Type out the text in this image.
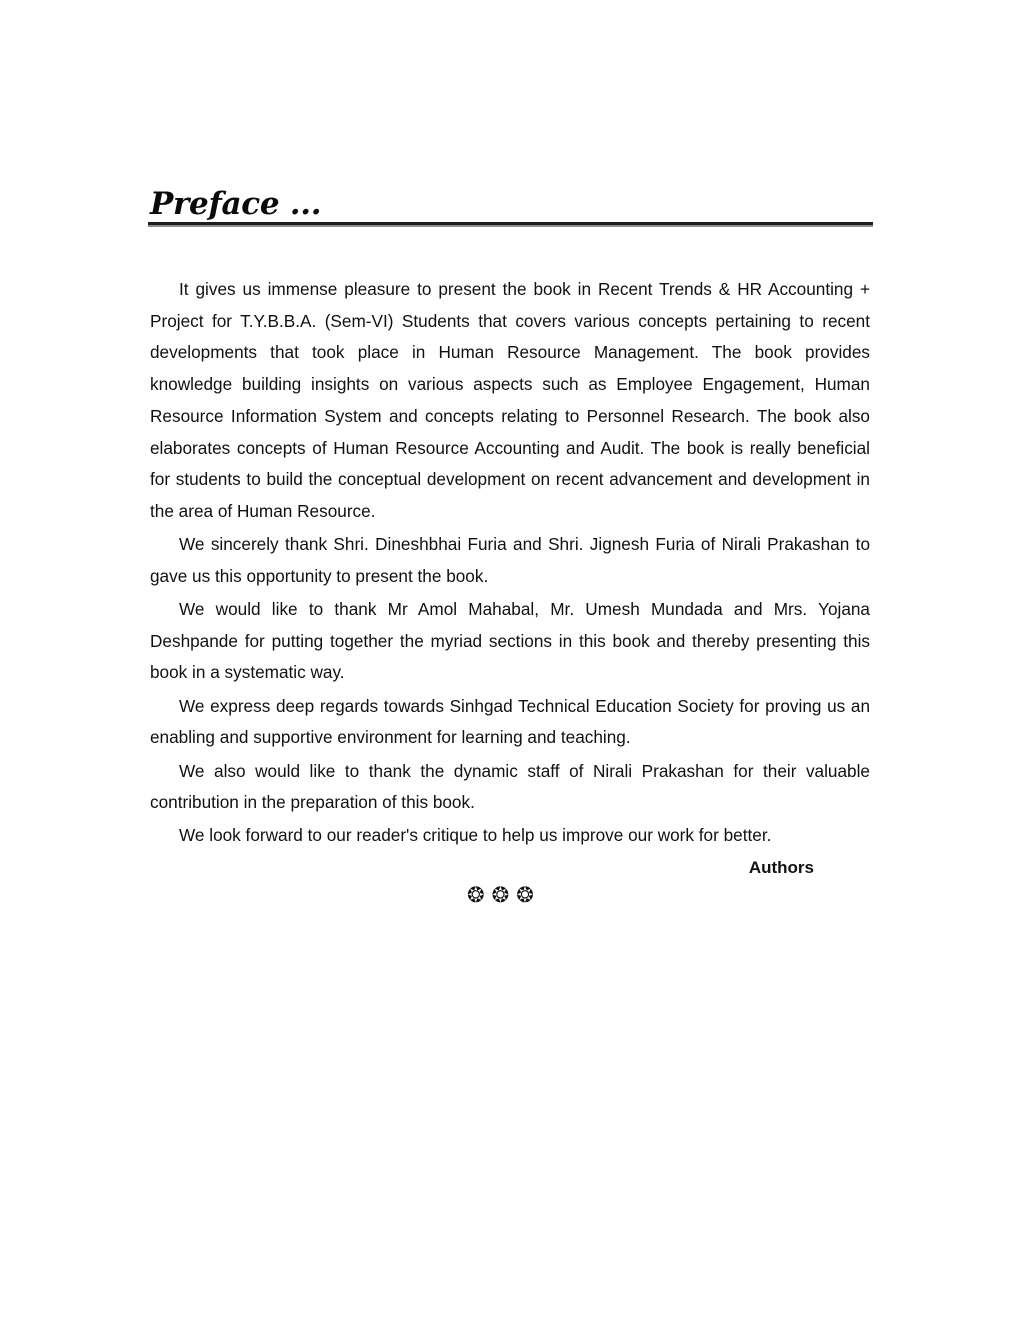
Preface ...

It gives us immense pleasure to present the book in Recent Trends & HR Accounting + Project for T.Y.B.B.A. (Sem-VI) Students that covers various concepts pertaining to recent developments that took place in Human Resource Management. The book provides knowledge building insights on various aspects such as Employee Engagement, Human Resource Information System and concepts relating to Personnel Research. The book also elaborates concepts of Human Resource Accounting and Audit. The book is really beneficial for students to build the conceptual development on recent advancement and development in the area of Human Resource.

We sincerely thank Shri. Dineshbhai Furia and Shri. Jignesh Furia of Nirali Prakashan to gave us this opportunity to present the book.

We would like to thank Mr Amol Mahabal, Mr. Umesh Mundada and Mrs. Yojana Deshpande for putting together the myriad sections in this book and thereby presenting this book in a systematic way.

We express deep regards towards Sinhgad Technical Education Society for proving us an enabling and supportive environment for learning and teaching.

We also would like to thank the dynamic staff of Nirali Prakashan for their valuable contribution in the preparation of this book.

We look forward to our reader's critique to help us improve our work for better.

Authors
❂❂❂
